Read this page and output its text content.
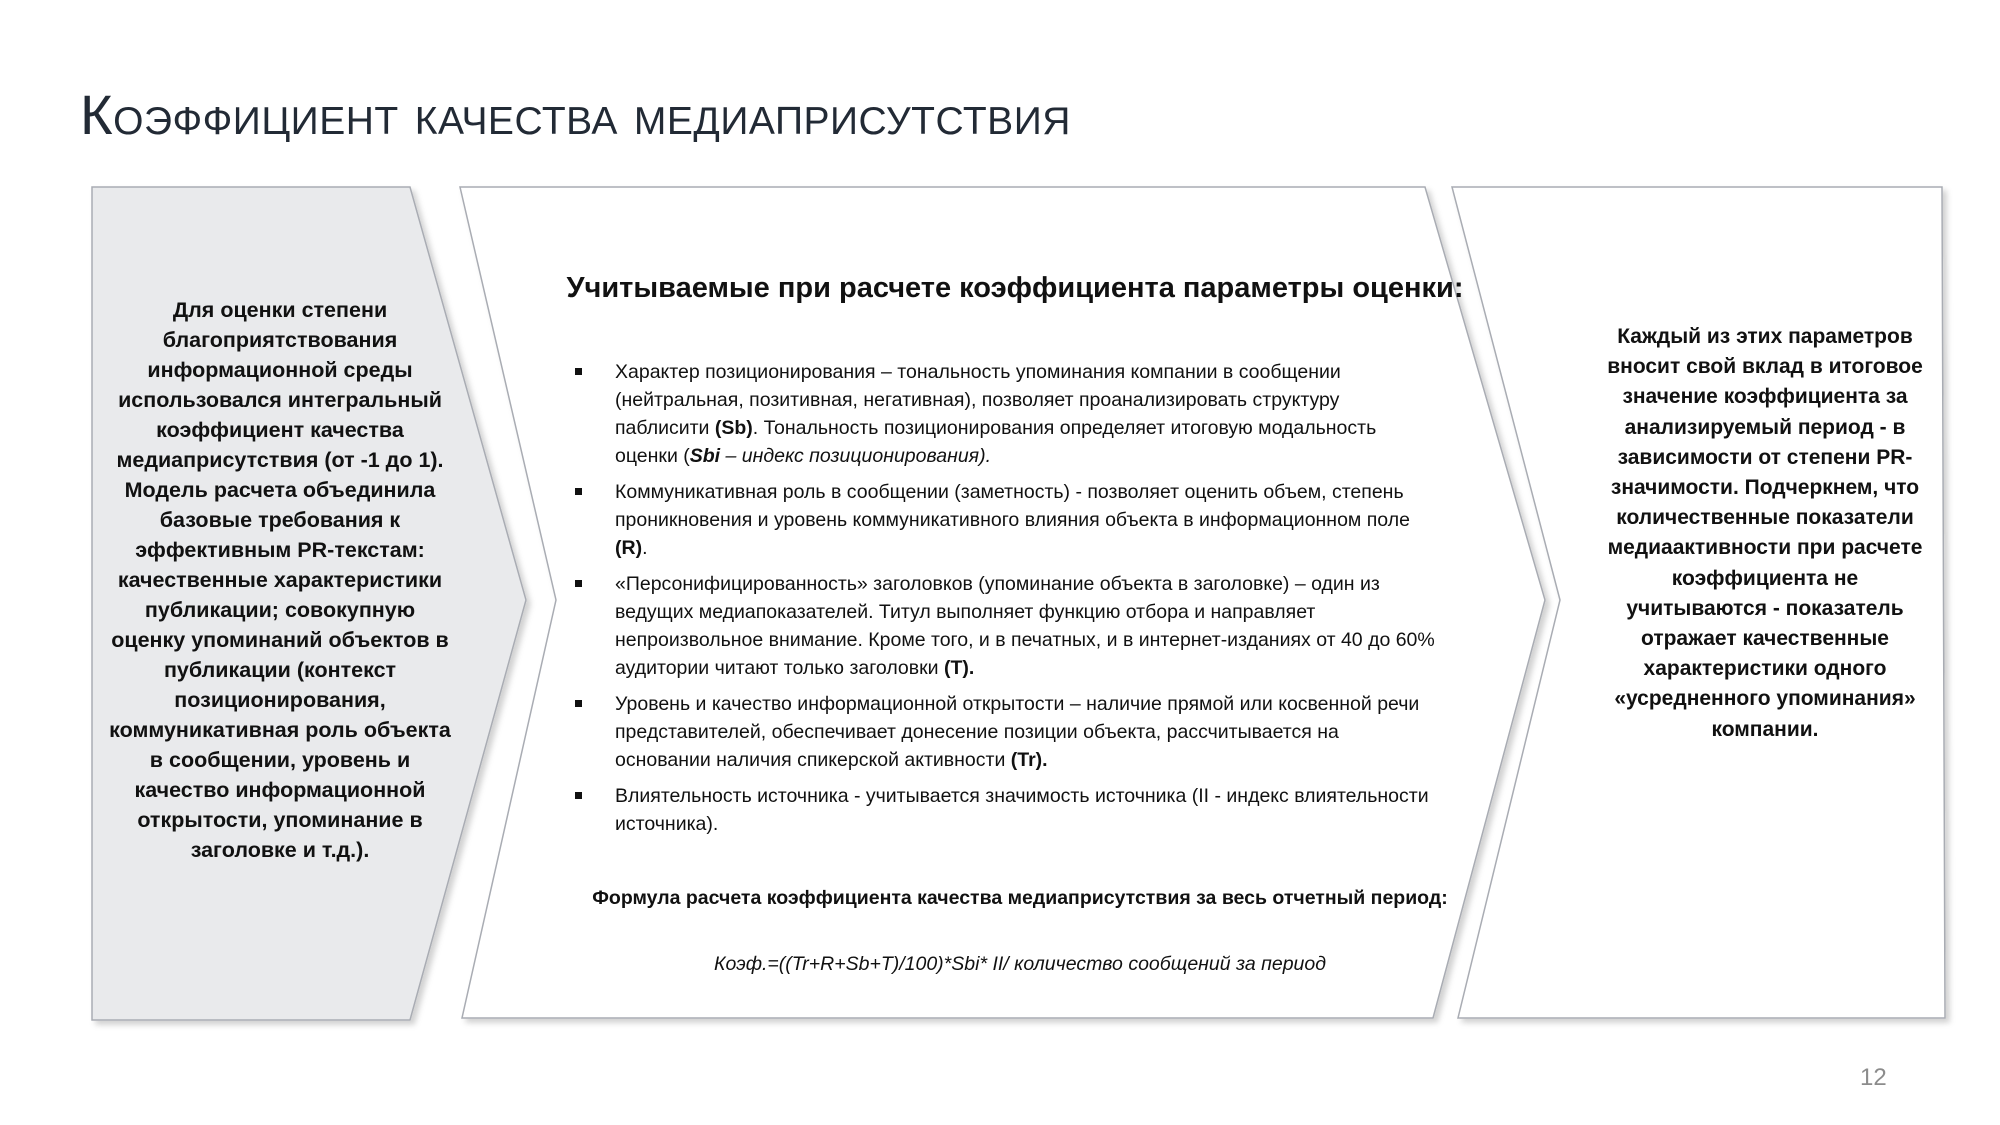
Коэффициент качества медиаприсутствия
Для оценки степени благоприятствования информационной среды использовался интегральный коэффициент качества медиаприсутствия (от -1 до 1). Модель расчета объединила базовые требования к эффективным PR-текстам: качественные характеристики публикации; совокупную оценку упоминаний объектов в публикации (контекст позиционирования, коммуникативная роль объекта в сообщении, уровень и качество информационной открытости, упоминание в заголовке и т.д.).
Учитываемые при расчете коэффициента параметры оценки:
Характер позиционирования – тональность упоминания компании в сообщении (нейтральная, позитивная, негативная), позволяет проанализировать структуру паблисити (Sb). Тональность позиционирования определяет итоговую модальность оценки (Sbi – индекс позиционирования).
Коммуникативная роль в сообщении (заметность) - позволяет оценить объем, степень проникновения и уровень коммуникативного влияния объекта в информационном поле (R).
«Персонифицированность» заголовков (упоминание объекта в заголовке) – один из ведущих медиапоказателей. Титул выполняет функцию отбора и направляет непроизвольное внимание. Кроме того, и в печатных, и в интернет-изданиях от 40 до 60% аудитории читают только заголовки (T).
Уровень и качество информационной открытости – наличие прямой или косвенной речи представителей, обеспечивает донесение позиции объекта, рассчитывается на основании наличия спикерской активности (Tr).
Влиятельность источника - учитывается значимость источника (II - индекс влиятельности источника).
Формула расчета коэффициента качества медиаприсутствия за весь отчетный период:
Коэф.=((Tr+R+Sb+T)/100)*Sbi* II/ количество сообщений за период
Каждый из этих параметров вносит свой вклад в итоговое значение коэффициента за анализируемый период - в зависимости от степени PR-значимости. Подчеркнем, что количественные показатели медиаактивности при расчете коэффициента не учитываются - показатель отражает качественные характеристики одного «усредненного упоминания» компании.
12
